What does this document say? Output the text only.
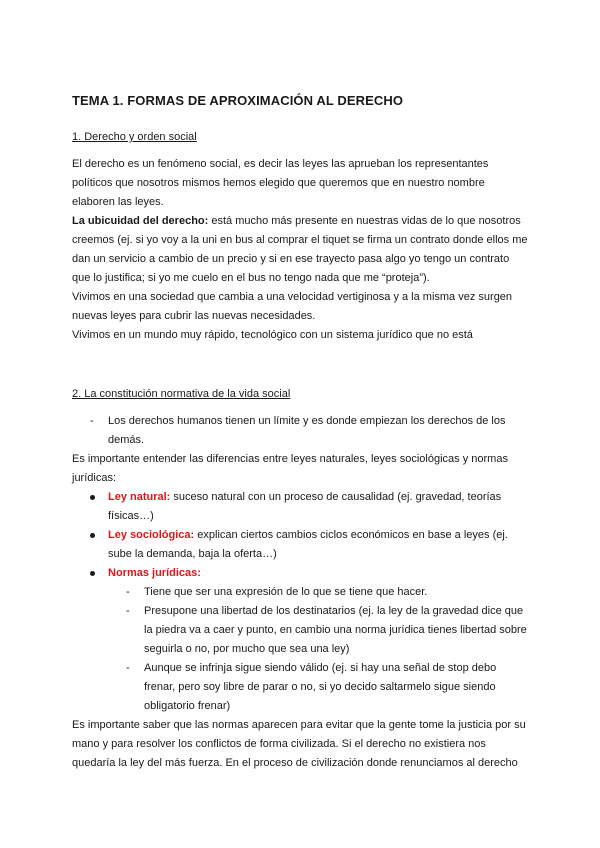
TEMA 1. FORMAS DE APROXIMACIÓN AL DERECHO
1. Derecho y orden social

El derecho es un fenómeno social, es decir las leyes las aprueban los representantes políticos que nosotros mismos hemos elegido que queremos que en nuestro nombre elaboren las leyes.

La ubicuidad del derecho: está mucho más presente en nuestras vidas de lo que nosotros creemos (ej. si yo voy a la uni en bus al comprar el tiquet se firma un contrato donde ellos me dan un servicio a cambio de un precio y si en ese trayecto pasa algo yo tengo un contrato que lo justifica; si yo me cuelo en el bus no tengo nada que me “proteja”).

Vivimos en una sociedad que cambia a una velocidad vertiginosa y a la misma vez surgen nuevas leyes para cubrir las nuevas necesidades.

Vivimos en un mundo muy rápido, tecnológico con un sistema jurídico que no está

2. La constitución normativa de la vida social
- Los derechos humanos tienen un límite y es donde empiezan los derechos de los demás.

Es importante entender las diferencias entre leyes naturales, leyes sociológicas y normas jurídicas:

Ley natural: suceso natural con un proceso de causalidad (ej. gravedad, teorías físicas…)
Ley sociológica: explican ciertos cambios ciclos económicos en base a leyes (ej. sube la demanda, baja la oferta…)
Normas jurídicas:
- Tiene que ser una expresión de lo que se tiene que hacer.
- Presupone una libertad de los destinatarios (ej. la ley de la gravedad dice que la piedra va a caer y punto, en cambio una norma jurídica tienes libertad sobre seguirla o no, por mucho que sea una ley)
- Aunque se infrinja sigue siendo válido (ej. si hay una señal de stop debo frenar, pero soy libre de parar o no, si yo decido saltarmelo sigue siendo obligatorio frenar)

Es importante saber que las normas aparecen para evitar que la gente tome la justicia por su mano y para resolver los conflictos de forma civilizada. Si el derecho no existiera nos quedaría la ley del más fuerza. En el proceso de civilización donde renunciamos al derecho
